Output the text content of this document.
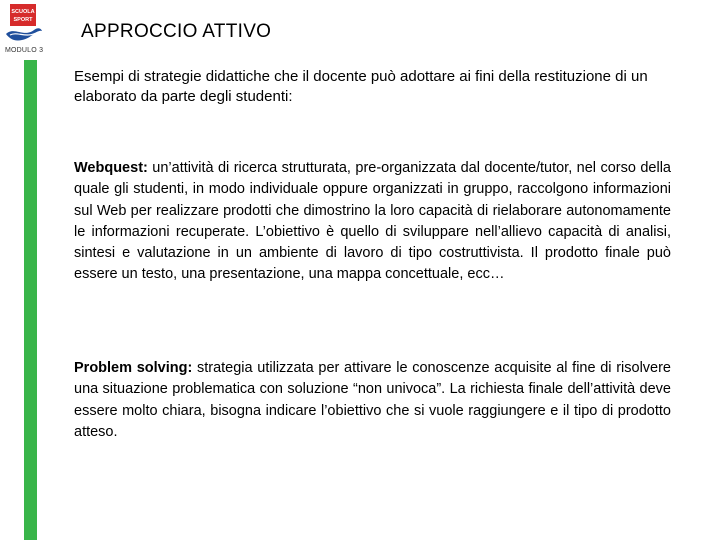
SCUOLA
SPORT
MODULO 3
APPROCCIO ATTIVO
Esempi di strategie didattiche che il docente può adottare ai fini della restituzione di un elaborato da parte degli studenti:
Webquest: un’attività di ricerca strutturata, pre-organizzata dal docente/tutor, nel corso della quale gli studenti, in modo individuale oppure organizzati in gruppo, raccolgono informazioni sul Web per realizzare prodotti che dimostrino la loro capacità di rielaborare autonomamente le informazioni recuperate. L’obiettivo è quello di sviluppare nell’allievo capacità di analisi, sintesi e valutazione in un ambiente di lavoro di tipo costruttivista. Il prodotto finale può essere un testo, una presentazione, una mappa concettuale, ecc…
Problem solving: strategia utilizzata per attivare le conoscenze acquisite al fine di risolvere una situazione problematica con soluzione “non univoca”. La richiesta finale dell’attività deve essere molto chiara, bisogna indicare l’obiettivo che si vuole raggiungere e il tipo di prodotto atteso.
